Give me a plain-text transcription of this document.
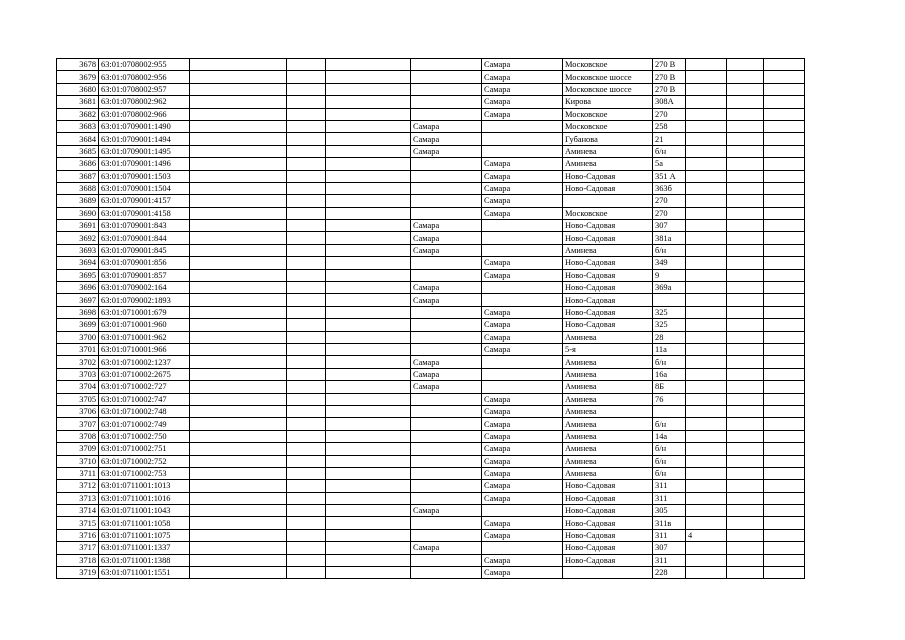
3678	63:01:0708002:955					Самара	Московское	270 В			
3679	63:01:0708002:956					Самара	Московское шоссе	270 В			
3680	63:01:0708002:957					Самара	Московское шоссе	270 В			
3681	63:01:0708002:962					Самара	Кирова	308А			
3682	63:01:0708002:966					Самара	Московское	270			
3683	63:01:0709001:1490				Самара		Московское	258			
3684	63:01:0709001:1494				Самара		Губанова	21			
3685	63:01:0709001:1495				Самара		Аминева	б/н			
3686	63:01:0709001:1496					Самара	Аминева	5а			
3687	63:01:0709001:1503					Самара	Ново-Садовая	351 А			
3688	63:01:0709001:1504					Самара	Ново-Садовая	363б			
3689	63:01:0709001:4157					Самара		270			
3690	63:01:0709001:4158					Самара	Московское	270			
3691	63:01:0709001:843				Самара		Ново-Садовая	307			
3692	63:01:0709001:844				Самара		Ново-Садовая	381а			
3693	63:01:0709001:845				Самара		Аминева	б/н			
3694	63:01:0709001:856					Самара	Ново-Садовая	349			
3695	63:01:0709001:857					Самара	Ново-Садовая	9			
3696	63:01:0709002:164				Самара		Ново-Садовая	369а			
3697	63:01:0709002:1893				Самара		Ново-Садовая				
3698	63:01:0710001:679					Самара	Ново-Садовая	325			
3699	63:01:0710001:960					Самара	Ново-Садовая	325			
3700	63:01:0710001:962					Самара	Аминева	28			
3701	63:01:0710001:966					Самара	5-я	11а			
3702	63:01:0710002:1237				Самара		Аминева	б/н			
3703	63:01:0710002:2675				Самара		Аминева	16а			
3704	63:01:0710002:727				Самара		Аминева	8Б			
3705	63:01:0710002:747					Самара	Аминева	76			
3706	63:01:0710002:748					Самара	Аминева				
3707	63:01:0710002:749					Самара	Аминева	б/н			
3708	63:01:0710002:750					Самара	Аминева	14а			
3709	63:01:0710002:751					Самара	Аминева	б/н			
3710	63:01:0710002:752					Самара	Аминева	б/н			
3711	63:01:0710002:753					Самара	Аминева	б/н			
3712	63:01:0711001:1013					Самара	Ново-Садовая	311			
3713	63:01:0711001:1016					Самара	Ново-Садовая	311			
3714	63:01:0711001:1043				Самара		Ново-Садовая	305			
3715	63:01:0711001:1058					Самара	Ново-Садовая	311в			
3716	63:01:0711001:1075					Самара	Ново-Садовая	311	4		
3717	63:01:0711001:1337				Самара		Ново-Садовая	307			
3718	63:01:0711001:1388					Самара	Ново-Садовая	311			
3719	63:01:0711001:1551					Самара		228			
